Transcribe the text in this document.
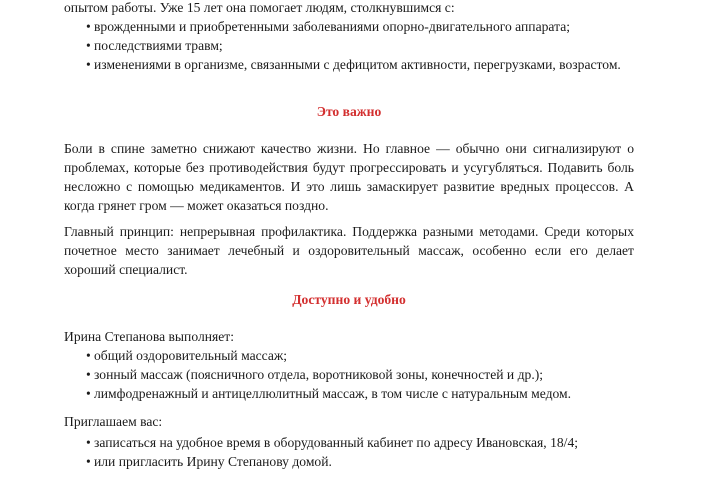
опытом работы. Уже 15 лет она помогает людям, столкнувшимся с:

• врожденными и приобретенными заболеваниями опорно-двигательного аппарата;
• последствиями травм;
• изменениями в организме, связанными с дефицитом активности, перегрузками, возрастом.

Это важно

Боли в спине заметно снижают качество жизни. Но главное — обычно они сигнализируют о проблемах, которые без противодействия будут прогрессировать и усугубляться. Подавить боль несложно с помощью медикаментов. И это лишь замаскирует развитие вредных процессов. А когда грянет гром — может оказаться поздно.

Главный принцип: непрерывная профилактика. Поддержка разными методами. Среди которых почетное место занимает лечебный и оздоровительный массаж, особенно если его делает хороший специалист.

Доступно и удобно

Ирина Степанова выполняет:

• общий оздоровительный массаж;
• зонный массаж (поясничного отдела, воротниковой зоны, конечностей и др.);
• лимфодренажный и антицеллюлитный массаж, в том числе с натуральным медом.

Приглашаем вас:

• записаться на удобное время в оборудованный кабинет по адресу Ивановская, 18/4;
• или пригласить Ирину Степанову домой.
